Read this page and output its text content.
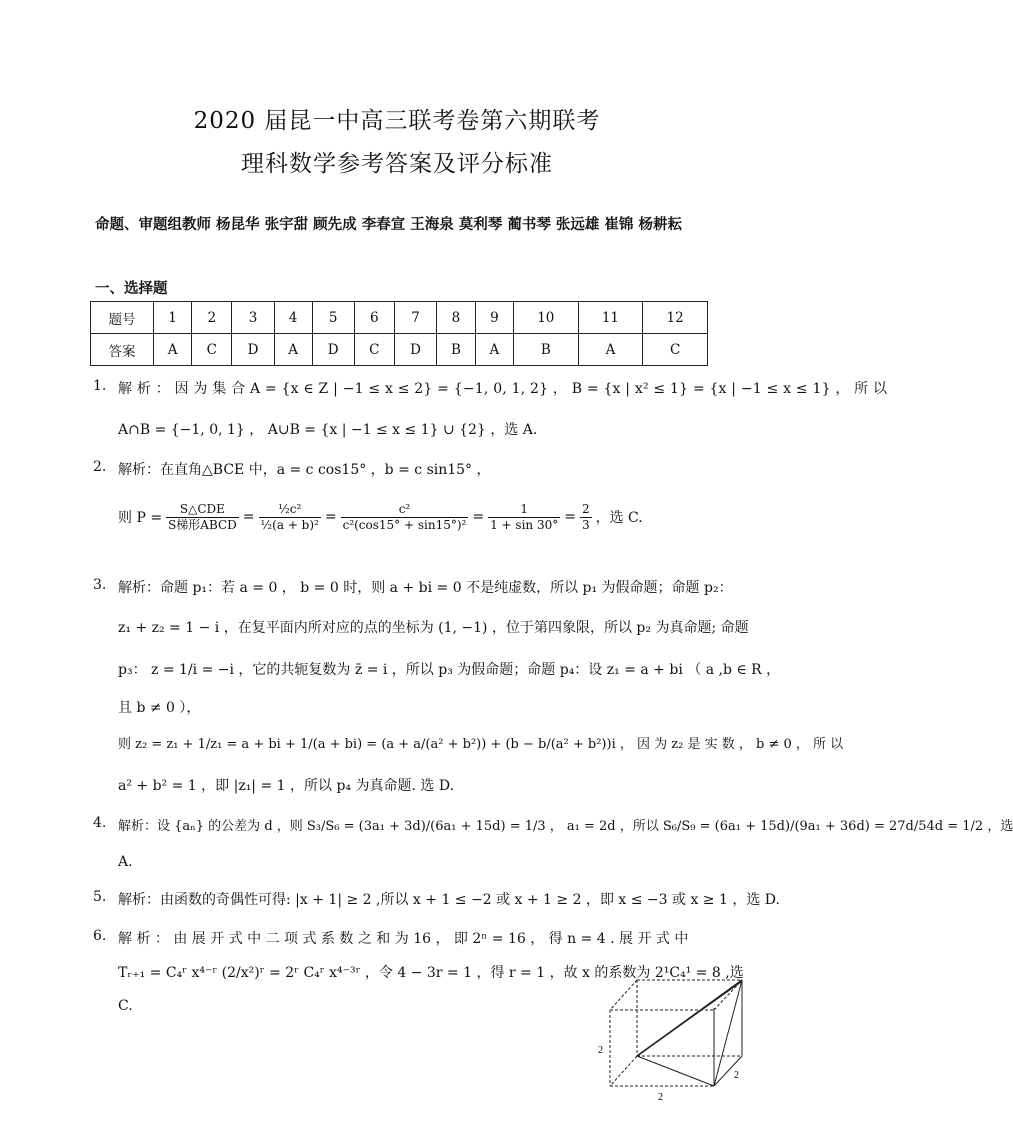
2020 届昆一中高三联考卷第六期联考
理科数学参考答案及评分标准
命题、审题组教师 杨昆华 张宇甜 顾先成 李春宣 王海泉 莫利琴 蔺书琴 张远雄 崔锦 杨耕耘
一、选择题
题号	1	2	3	4	5	6	7	8	9	10	11	12
答案	A	C	D	A	D	C	D	B	A	B	A	C
1. 解 析 ： 因 为 集 合 A = {x ∈ Z | −1 ≤ x ≤ 2} = {−1, 0, 1, 2} ， B = {x | x² ≤ 1} = {x | −1 ≤ x ≤ 1} ， 所 以
A∩B = {−1, 0, 1} ， A∪B = {x | −1 ≤ x ≤ 1} ∪ {2} ，选 A.
2. 解析：在直角△BCE 中，a = c cos15° ，b = c sin15° ，
则 $P = \frac{\text{S△CDE}}{\text{S梯形ABCD}} = \frac{\text{½c²}}{\text{½(a + b)²}} = \frac{\text{c²}}{\text{c²(cos15° + sin15°)²}} = \frac{1}{1 + \sin 30^\circ} = \frac{2}{3}$ ，选 C.
3. 解析：命题 p₁：若 a = 0 ， b = 0 时，则 a + bi = 0 不是纯虚数，所以 p₁ 为假命题；命题 p₂：
z₁ + z₂ = 1 − i ，在复平面内所对应的点的坐标为 (1, −1) ，位于第四象限，所以 p₂ 为真命题; 命题
p₃： z = 1/i = −i ，它的共轭复数为 z̄ = i ，所以 p₃ 为假命题；命题 p₄：设 z₁ = a + bi （ a ,b ∈ R ，
且 b ≠ 0 ），
则 z₂ = z₁ + 1/z₁ = a + bi + 1/(a + bi) = (a + a/(a² + b²)) + (b − b/(a² + b²))i ， 因 为 z₂ 是 实 数 ， b ≠ 0 ， 所 以
a² + b² = 1 ，即 |z₁| = 1 ，所以 p₄ 为真命题. 选 D.
4. 解析：设 {aₙ} 的公差为 d ，则 S₃/S₆ = (3a₁ + 3d)/(6a₁ + 15d) = 1/3 ， a₁ = 2d ，所以 S₆/S₉ = (6a₁ + 15d)/(9a₁ + 36d) = 27d/54d = 1/2 ，选
A.
5. 解析：由函数的奇偶性可得: |x + 1| ≥ 2 ,所以 x + 1 ≤ −2 或 x + 1 ≥ 2 ，即 x ≤ −3 或 x ≥ 1 ，选 D.
6. 解 析 ： 由 展 开 式 中 二 项 式 系 数 之 和 为 16 ， 即 2ⁿ = 16 ， 得 n = 4 . 展 开 式 中
Tᵣ₊₁ = C₄ʳ x⁴⁻ʳ (2/x²)ʳ = 2ʳ C₄ʳ x⁴⁻³ʳ ，令 4 − 3r = 1 ，得 r = 1 ，故 x 的系数为 2¹C₄¹ = 8 ,选
C.
2
2
2
